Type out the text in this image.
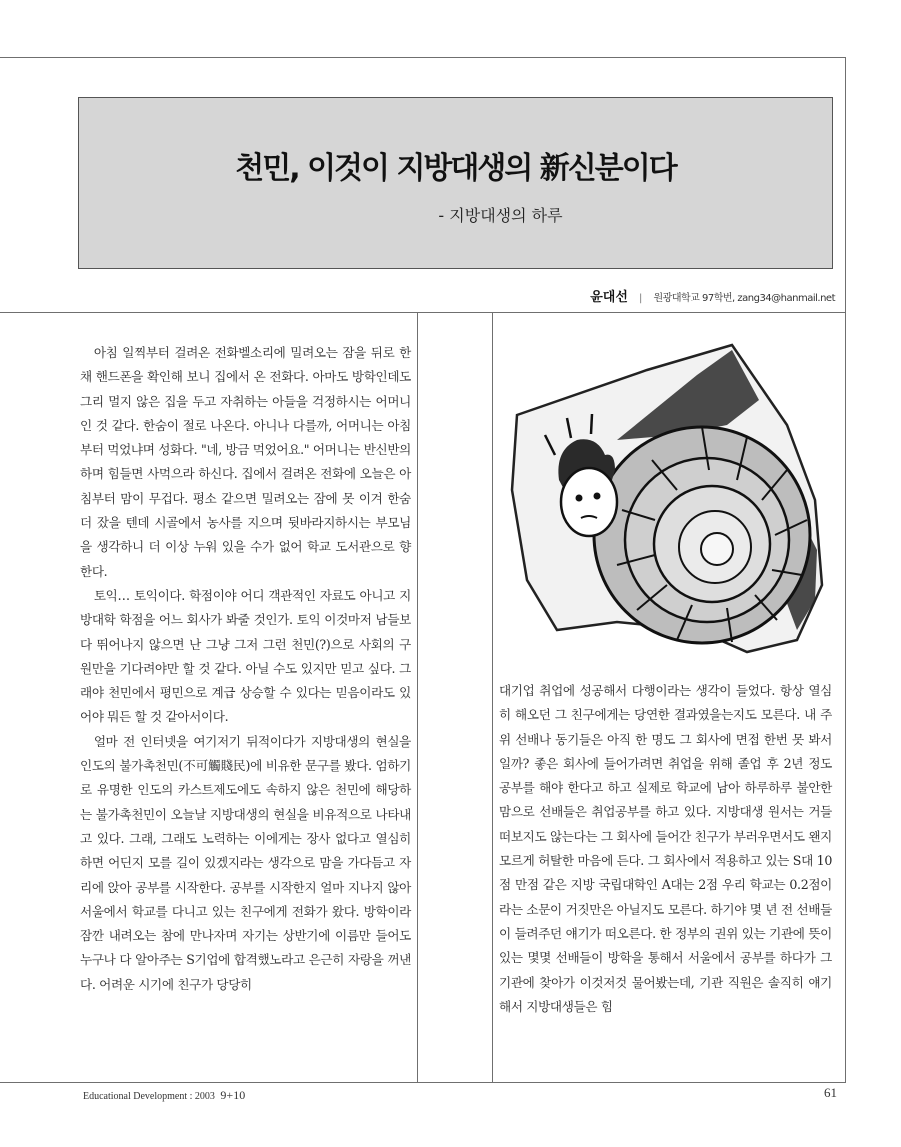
천민, 이것이 지방대생의 新신분이다
- 지방대생의 하루
윤대선 | 원광대학교 97학번, zang34@hanmail.net

아침 일찍부터 걸려온 전화벨소리에 밀려오는 잠을 뒤로 한 채 핸드폰을 확인해 보니 집에서 온 전화다. 아마도 방학인데도 그리 멀지 않은 집을 두고 자취하는 아들을 걱정하시는 어머니인 것 같다. 한숨이 절로 나온다. 아니나 다를까, 어머니는 아침부터 먹었냐며 성화다. "네, 방금 먹었어요." 어머니는 반신반의하며 힘들면 사먹으라 하신다. 집에서 걸려온 전화에 오늘은 아침부터 맘이 무겁다. 평소 같으면 밀려오는 잠에 못 이겨 한숨 더 잤을 텐데 시골에서 농사를 지으며 뒷바라지하시는 부모님을 생각하니 더 이상 누워 있을 수가 없어 학교 도서관으로 향한다.

토익… 토익이다. 학점이야 어디 객관적인 자료도 아니고 지방대학 학점을 어느 회사가 봐줄 것인가. 토익 이것마저 남들보다 뛰어나지 않으면 난 그냥 그저 그런 천민(?)으로 사회의 구원만을 기다려야만 할 것 같다. 아닐 수도 있지만 믿고 싶다. 그래야 천민에서 평민으로 계급 상승할 수 있다는 믿음이라도 있어야 뭐든 할 것 같아서이다.

얼마 전 인터넷을 여기저기 뒤적이다가 지방대생의 현실을 인도의 불가촉천민(不可觸賤民)에 비유한 문구를 봤다. 엄하기로 유명한 인도의 카스트제도에도 속하지 않은 천민에 해당하는 불가촉천민이 오늘날 지방대생의 현실을 비유적으로 나타내고 있다. 그래, 그래도 노력하는 이에게는 장사 없다고 열심히 하면 어딘지 모를 길이 있겠지라는 생각으로 맘을 가다듬고 자리에 앉아 공부를 시작한다. 공부를 시작한지 얼마 지나지 않아 서울에서 학교를 다니고 있는 친구에게 전화가 왔다. 방학이라 잠깐 내려오는 참에 만나자며 자기는 상반기에 이름만 들어도 누구나 다 알아주는 S기업에 합격했노라고 은근히 자랑을 꺼낸다. 어려운 시기에 친구가 당당히

대기업 취업에 성공해서 다행이라는 생각이 들었다. 항상 열심히 해오던 그 친구에게는 당연한 결과였을는지도 모른다. 내 주위 선배나 동기들은 아직 한 명도 그 회사에 면접 한번 못 봐서일까? 좋은 회사에 들어가려면 취업을 위해 졸업 후 2년 정도 공부를 해야 한다고 하고 실제로 학교에 남아 하루하루 불안한 맘으로 선배들은 취업공부를 하고 있다. 지방대생 원서는 거들떠보지도 않는다는 그 회사에 들어간 친구가 부러우면서도 왠지 모르게 허탈한 마음에 든다. 그 회사에서 적용하고 있는 S대 10점 만점 같은 지방 국립대학인 A대는 2점 우리 학교는 0.2점이라는 소문이 거짓만은 아닐지도 모른다. 하기야 몇 년 전 선배들이 들려주던 얘기가 떠오른다. 한 정부의 권위 있는 기관에 뜻이 있는 몇몇 선배들이 방학을 통해서 서울에서 공부를 하다가 그 기관에 찾아가 이것저것 물어봤는데, 기관 직원은 솔직히 얘기해서 지방대생들은 힘

Educational Development : 2003 9+10	61
